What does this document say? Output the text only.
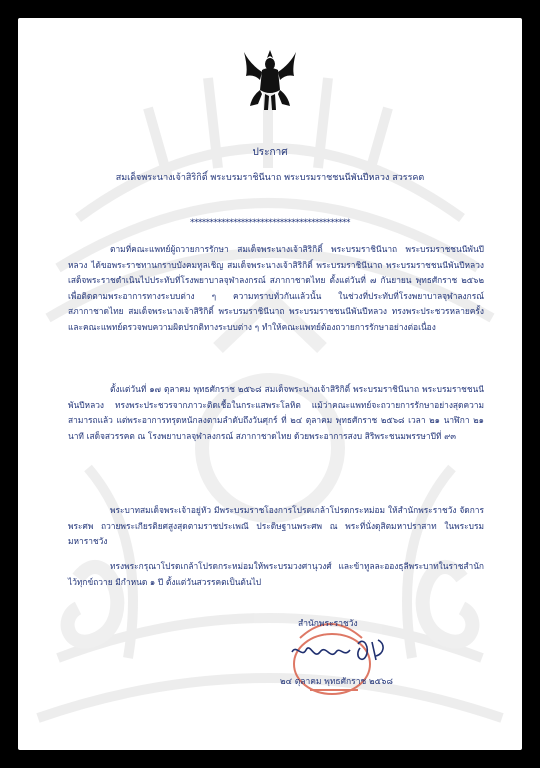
ประกาศ
สมเด็จพระนางเจ้าสิริกิติ์ พระบรมราชินีนาถ พระบรมราชชนนีพันปีหลวง สวรรคต
*****************************************
ตามที่คณะแพทย์ผู้ถวายการรักษา สมเด็จพระนางเจ้าสิริกิติ์ พระบรมราชินีนาถ พระบรมราชชนนีพันปีหลวง ได้ขอพระราชทานกราบบังคมทูลเชิญ สมเด็จพระนางเจ้าสิริกิติ์ พระบรมราชินีนาถ พระบรมราชชนนีพันปีหลวง เสด็จพระราชดำเนินไปประทับที่โรงพยาบาลจุฬาลงกรณ์ สภากาชาดไทย ตั้งแต่วันที่ ๗ กันยายน พุทธศักราช ๒๕๖๒ เพื่อติดตามพระอาการทางระบบต่าง ๆ ความทราบทั่วกันแล้วนั้น ในช่วงที่ประทับที่โรงพยาบาลจุฬาลงกรณ์ สภากาชาดไทย สมเด็จพระนางเจ้าสิริกิติ์ พระบรมราชินีนาถ พระบรมราชชนนีพันปีหลวง ทรงพระประชวรหลายครั้ง และคณะแพทย์ตรวจพบความผิดปรกติทางระบบต่าง ๆ ทำให้คณะแพทย์ต้องถวายการรักษาอย่างต่อเนื่อง
ตั้งแต่วันที่ ๑๗ ตุลาคม พุทธศักราช ๒๕๖๘ สมเด็จพระนางเจ้าสิริกิติ์ พระบรมราชินีนาถ พระบรมราชชนนีพันปีหลวง ทรงพระประชวรจากภาวะติดเชื้อในกระแสพระโลหิต แม้ว่าคณะแพทย์จะถวายการรักษาอย่างสุดความสามารถแล้ว แต่พระอาการทรุดหนักลงตามลำดับถึงวันศุกร์ ที่ ๒๔ ตุลาคม พุทธศักราช ๒๕๖๘ เวลา ๒๑ นาฬิกา ๒๑ นาที เสด็จสวรรคต ณ โรงพยาบาลจุฬาลงกรณ์ สภากาชาดไทย ด้วยพระอาการสงบ สิริพระชนมพรรษาปีที่ ๙๓
พระบาทสมเด็จพระเจ้าอยู่หัว มีพระบรมราชโองการโปรดเกล้าโปรดกระหม่อม ให้สำนักพระราชวัง จัดการพระศพ ถวายพระเกียรติยศสูงสุดตามราชประเพณี ประดิษฐานพระศพ ณ พระที่นั่งดุสิตมหาปราสาท ในพระบรมมหาราชวัง
ทรงพระกรุณาโปรดเกล้าโปรดกระหม่อมให้พระบรมวงศานุวงศ์ และข้าทูลละอองธุลีพระบาทในราชสำนักไว้ทุกข์ถวาย มีกำหนด ๑ ปี ตั้งแต่วันสวรรคตเป็นต้นไป
สำนักพระราชวัง
๒๔ ตุลาคม พุทธศักราช ๒๕๖๘
